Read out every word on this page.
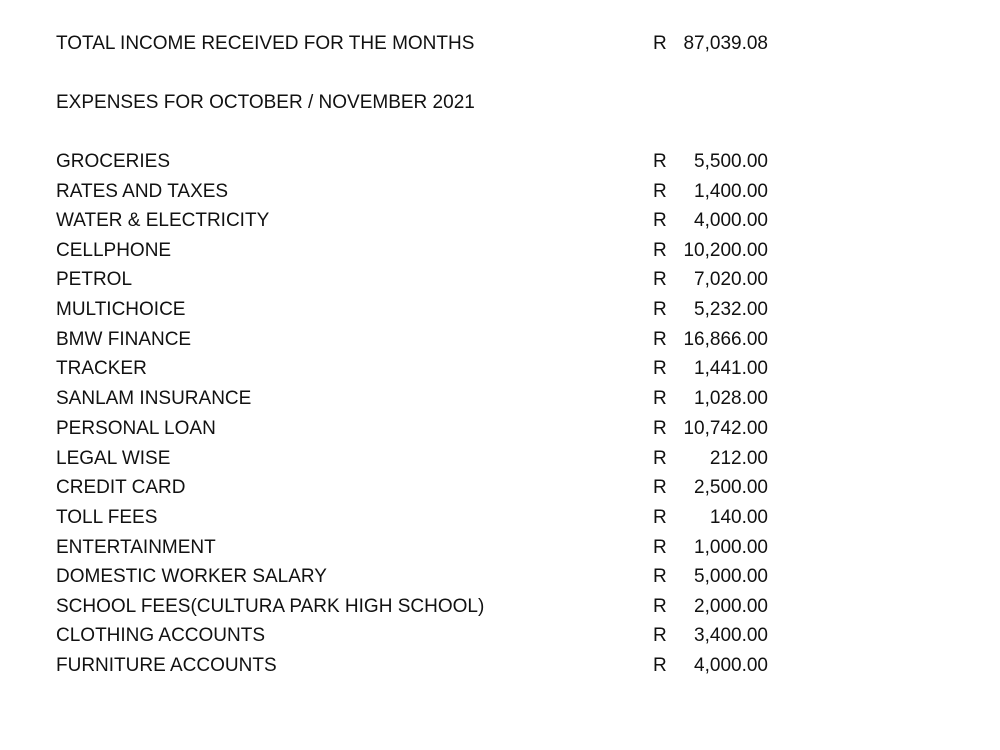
TOTAL INCOME RECEIVED FOR THE MONTHS	R 87,039.08
EXPENSES FOR OCTOBER / NOVEMBER 2021
GROCERIES	R 5,500.00
RATES AND TAXES	R 1,400.00
WATER & ELECTRICITY	R 4,000.00
CELLPHONE	R 10,200.00
PETROL	R 7,020.00
MULTICHOICE	R 5,232.00
BMW FINANCE	R 16,866.00
TRACKER	R 1,441.00
SANLAM INSURANCE	R 1,028.00
PERSONAL LOAN	R 10,742.00
LEGAL WISE	R 212.00
CREDIT CARD	R 2,500.00
TOLL FEES	R 140.00
ENTERTAINMENT	R 1,000.00
DOMESTIC WORKER SALARY	R 5,000.00
SCHOOL FEES(CULTURA PARK HIGH SCHOOL)	R 2,000.00
CLOTHING ACCOUNTS	R 3,400.00
FURNITURE ACCOUNTS	R 4,000.00
